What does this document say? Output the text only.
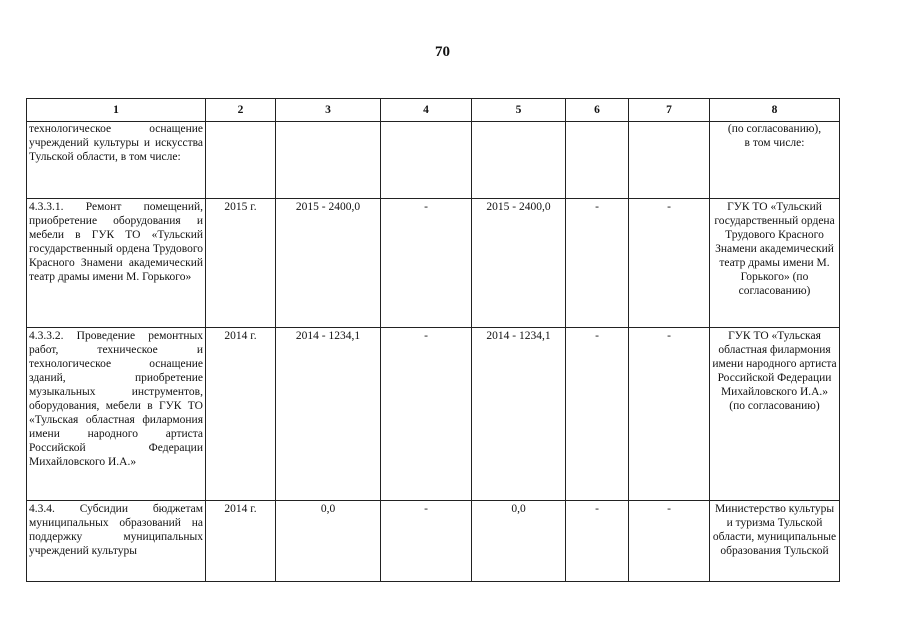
70
1	2	3	4	5	6	7	8
технологическое оснащение учреждений культуры и искусства Тульской области, в том числе:							(по согласованию),
в том числе:
4.3.3.1. Ремонт помещений, приобретение оборудования и мебели в ГУК ТО «Тульский государственный ордена Трудового Красного Знамени академический театр драмы имени М. Горького»	2015 г.	2015 - 2400,0	-	2015 - 2400,0	-	-	ГУК ТО «Тульский государственный ордена Трудового Красного Знамени академический театр драмы имени М. Горького» (по согласованию)
4.3.3.2. Проведение ремонтных работ, техническое и технологическое оснащение зданий, приобретение музыкальных инструментов, оборудования, мебели в ГУК ТО «Тульская областная филармония имени народного артиста Российской Федерации Михайловского И.А.»	2014 г.	2014 - 1234,1	-	2014 - 1234,1	-	-	ГУК ТО «Тульская областная филармония имени народного артиста Российской Федерации Михайловского И.А.» (по согласованию)
4.3.4. Субсидии бюджетам муниципальных образований на поддержку муниципальных учреждений культуры	2014 г.	0,0	-	0,0	-	-	Министерство культуры и туризма Тульской области, муниципальные образования Тульской
